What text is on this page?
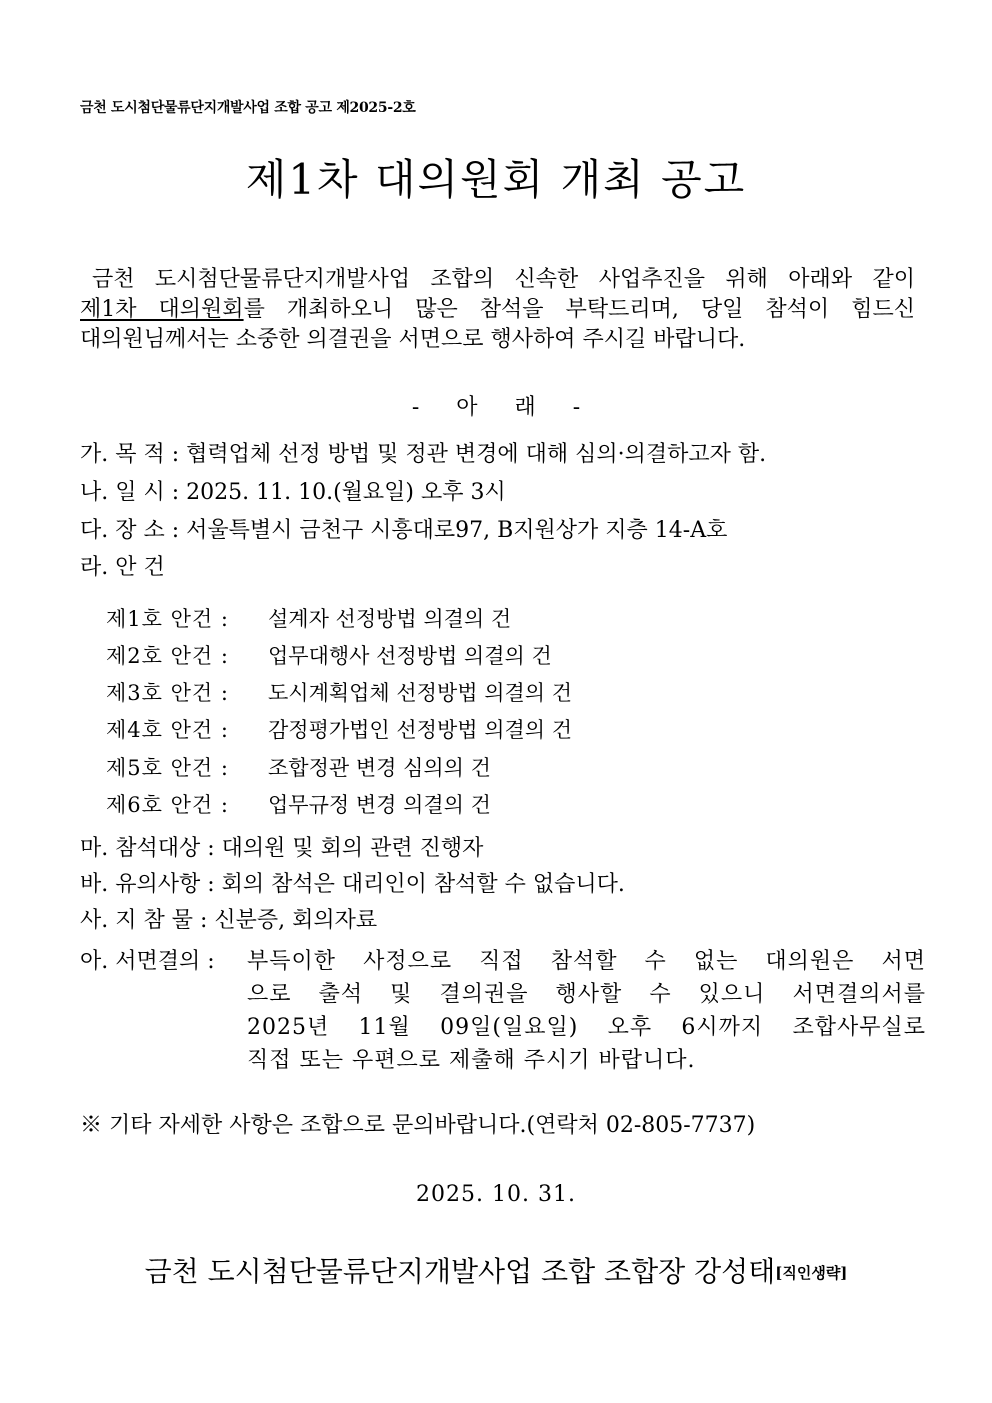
금천 도시첨단물류단지개발사업 조합 공고 제2025-2호
제1차 대의원회 개최 공고
금천 도시첨단물류단지개발사업 조합의 신속한 사업추진을 위해 아래와 같이
제1차 대의원회를 개최하오니 많은 참석을 부탁드리며, 당일 참석이 힘드신
대의원님께서는 소중한 의결권을 서면으로 행사하여 주시길 바랍니다.
- 아 래 -
가. 목 적 : 협력업체 선정 방법 및 정관 변경에 대해 심의·의결하고자 함.
나. 일 시 : 2025. 11. 10.(월요일) 오후 3시
다. 장 소 : 서울특별시 금천구 시흥대로97, B지원상가 지층 14-A호
라. 안 건
제1호 안건 : 설계자 선정방법 의결의 건
제2호 안건 : 업무대행사 선정방법 의결의 건
제3호 안건 : 도시계획업체 선정방법 의결의 건
제4호 안건 : 감정평가법인 선정방법 의결의 건
제5호 안건 : 조합정관 변경 심의의 건
제6호 안건 : 업무규정 변경 의결의 건
마. 참석대상 : 대의원 및 회의 관련 진행자
바. 유의사항 : 회의 참석은 대리인이 참석할 수 없습니다.
사. 지 참 물 : 신분증, 회의자료
아. 서면결의 : 부득이한 사정으로 직접 참석할 수 없는 대의원은 서면
으로 출석 및 결의권을 행사할 수 있으니 서면결의서를
2025년 11월 09일(일요일) 오후 6시까지 조합사무실로
직접 또는 우편으로 제출해 주시기 바랍니다.
※ 기타 자세한 사항은 조합으로 문의바랍니다.(연락처 02-805-7737)
2025. 10. 31.
금천 도시첨단물류단지개발사업 조합 조합장 강성태[직인생략]
